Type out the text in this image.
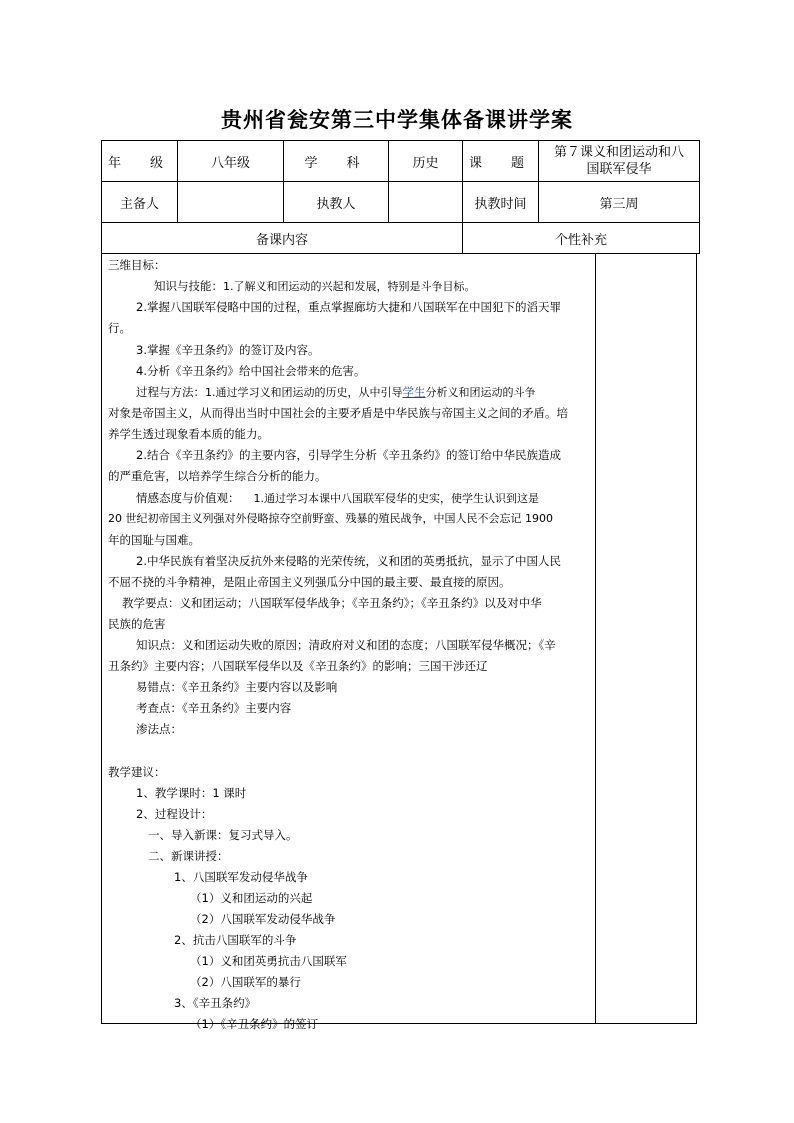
贵州省瓮安第三中学集体备课讲学案
年　级	八年级	学　科	历史	课　题	第７课义和团运动和八
国联军侵华
主备人		执教人		执教时间	第三周
备课内容				个性补充	
三维目标：
知识与技能：1.了解义和团运动的兴起和发展，特别是斗争目标。
2.掌握八国联军侵略中国的过程，重点掌握廊坊大捷和八国联军在中国犯下的滔天罪
行。
3.掌握《辛丑条约》的签订及内容。
4.分析《辛丑条约》给中国社会带来的危害。
过程与方法：1.通过学习义和团运动的历史，从中引导学生分析义和团运动的斗争
对象是帝国主义，从而得出当时中国社会的主要矛盾是中华民族与帝国主义之间的矛盾。培
养学生透过现象看本质的能力。
2.结合《辛丑条约》的主要内容，引导学生分析《辛丑条约》的签订给中华民族造成
的严重危害，以培养学生综合分析的能力。
情感态度与价值观： 1.通过学习本课中八国联军侵华的史实，使学生认识到这是
20 世纪初帝国主义列强对外侵略掠夺空前野蛮、残暴的殖民战争，中国人民不会忘记 1900
年的国耻与国难。
2.中华民族有着坚决反抗外来侵略的光荣传统，义和团的英勇抵抗，显示了中国人民
不屈不挠的斗争精神，是阻止帝国主义列强瓜分中国的最主要、最直接的原因。
教学要点：义和团运动；八国联军侵华战争；《辛丑条约》；《辛丑条约》以及对中华
民族的危害
知识点：义和团运动失败的原因；清政府对义和团的态度；八国联军侵华概况；《辛
丑条约》主要内容；八国联军侵华以及《辛丑条约》的影响；三国干涉还辽
易错点：《辛丑条约》主要内容以及影响
考查点：《辛丑条约》主要内容
渗法点：
教学建议：
1、教学课时：1 课时
2、过程设计：
一、导入新课：复习式导入。
二、新课讲授：
1、八国联军发动侵华战争
（1）义和团运动的兴起
（2）八国联军发动侵华战争
2、抗击八国联军的斗争
（1）义和团英勇抗击八国联军
（2）八国联军的暴行
3、《辛丑条约》
（1）《辛丑条约》的签订
